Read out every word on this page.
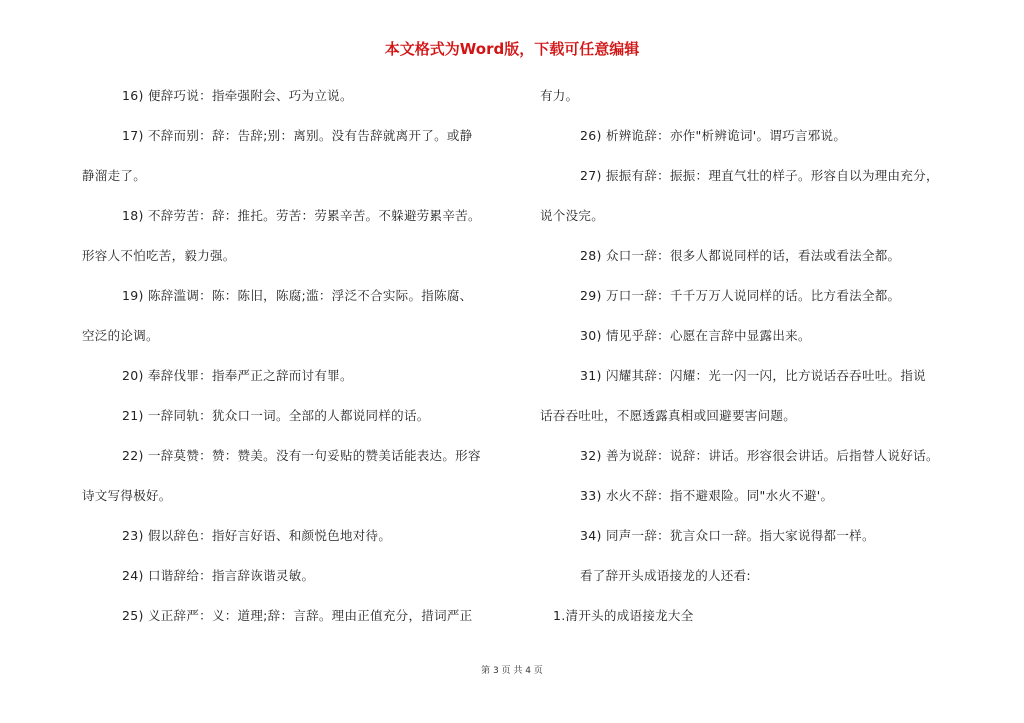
本文格式为Word版，下载可任意编辑
16) 便辞巧说：指牵强附会、巧为立说。
17) 不辞而别：辞：告辞;别：离别。没有告辞就离开了。或静
静溜走了。
18) 不辞劳苦：辞：推托。劳苦：劳累辛苦。不躲避劳累辛苦。
形容人不怕吃苦，毅力强。
19) 陈辞滥调：陈：陈旧，陈腐;滥：浮泛不合实际。指陈腐、
空泛的论调。
20) 奉辞伐罪：指奉严正之辞而讨有罪。
21) 一辞同轨：犹众口一词。全部的人都说同样的话。
22) 一辞莫赞：赞：赞美。没有一句妥贴的赞美话能表达。形容
诗文写得极好。
23) 假以辞色：指好言好语、和颜悦色地对待。
24) 口谐辞给：指言辞诙谐灵敏。
25) 义正辞严：义：道理;辞：言辞。理由正值充分，措词严正
有力。
26) 析辨诡辞：亦作"析辨诡词'。谓巧言邪说。
27) 振振有辞：振振：理直气壮的样子。形容自以为理由充分，
说个没完。
28) 众口一辞：很多人都说同样的话，看法或看法全都。
29) 万口一辞：千千万万人说同样的话。比方看法全都。
30) 情见乎辞：心愿在言辞中显露出来。
31) 闪耀其辞：闪耀：光一闪一闪，比方说话吞吞吐吐。指说
话吞吞吐吐，不愿透露真相或回避要害问题。
32) 善为说辞：说辞：讲话。形容很会讲话。后指替人说好话。
33) 水火不辞：指不避艰险。同"水火不避'。
34) 同声一辞：犹言众口一辞。指大家说得都一样。
看了辞开头成语接龙的人还看:
1.清开头的成语接龙大全
第 3 页 共 4 页
